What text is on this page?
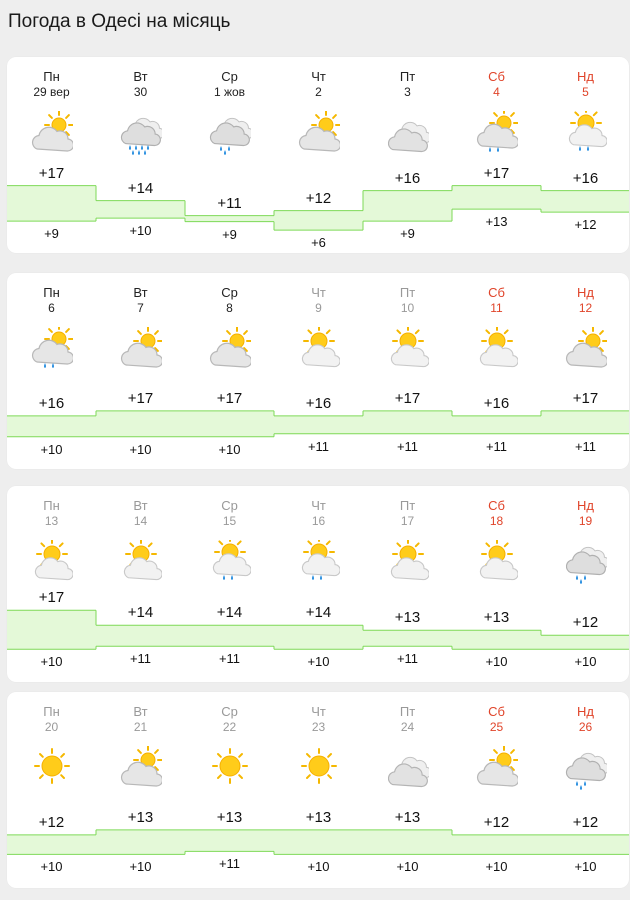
Погода в Одесі на місяць
Пн
29 вер
+17
+9
Вт
30
+14
+10
Ср
1 жов
+11
+9
Чт
2
+12
+6
Пт
3
+16
+9
Сб
4
+17
+13
Нд
5
+16
+12
Пн
6
+16
+10
Вт
7
+17
+10
Ср
8
+17
+10
Чт
9
+16
+11
Пт
10
+17
+11
Сб
11
+16
+11
Нд
12
+17
+11
Пн
13
+17
+10
Вт
14
+14
+11
Ср
15
+14
+11
Чт
16
+14
+10
Пт
17
+13
+11
Сб
18
+13
+10
Нд
19
+12
+10
Пн
20
+12
+10
Вт
21
+13
+10
Ср
22
+13
+11
Чт
23
+13
+10
Пт
24
+13
+10
Сб
25
+12
+10
Нд
26
+12
+10
